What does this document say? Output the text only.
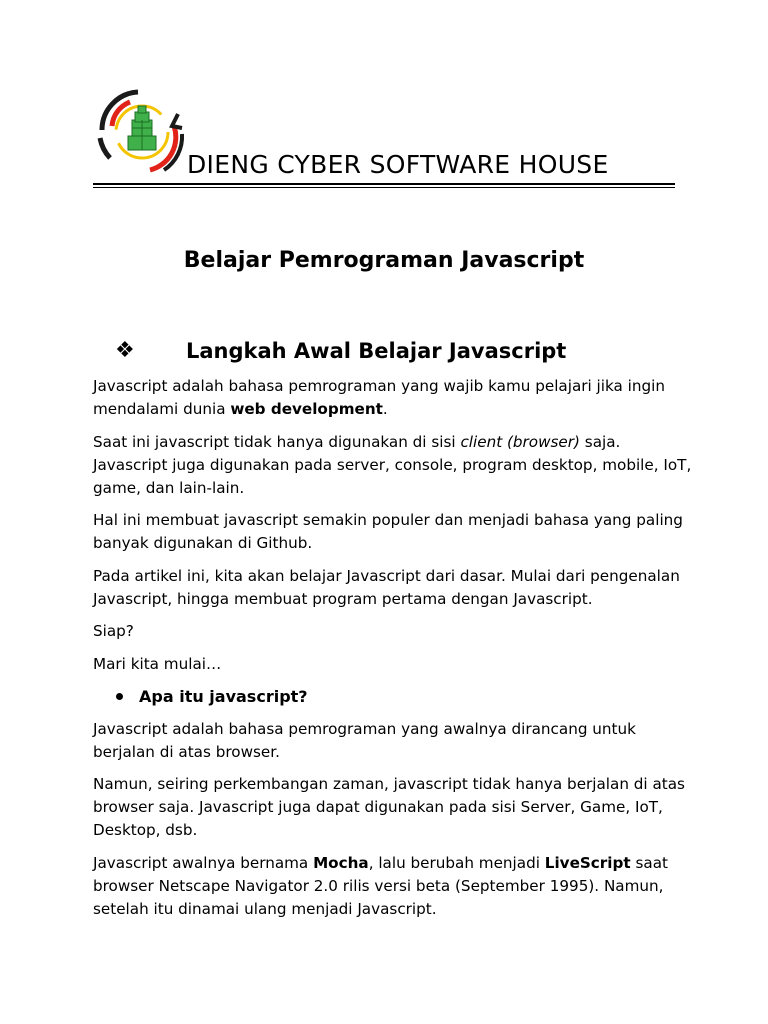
DIENG CYBER SOFTWARE HOUSE
Belajar Pemrograman Javascript
❖ Langkah Awal Belajar Javascript

Javascript adalah bahasa pemrograman yang wajib kamu pelajari jika ingin mendalami dunia web development.

Saat ini javascript tidak hanya digunakan di sisi client (browser) saja. Javascript juga digunakan pada server, console, program desktop, mobile, IoT, game, dan lain-lain.

Hal ini membuat javascript semakin populer dan menjadi bahasa yang paling banyak digunakan di Github.

Pada artikel ini, kita akan belajar Javascript dari dasar. Mulai dari pengenalan Javascript, hingga membuat program pertama dengan Javascript.

Siap?

Mari kita mulai…

Apa itu javascript?

Javascript adalah bahasa pemrograman yang awalnya dirancang untuk berjalan di atas browser.

Namun, seiring perkembangan zaman, javascript tidak hanya berjalan di atas browser saja. Javascript juga dapat digunakan pada sisi Server, Game, IoT, Desktop, dsb.

Javascript awalnya bernama Mocha, lalu berubah menjadi LiveScript saat browser Netscape Navigator 2.0 rilis versi beta (September 1995). Namun, setelah itu dinamai ulang menjadi Javascript.
